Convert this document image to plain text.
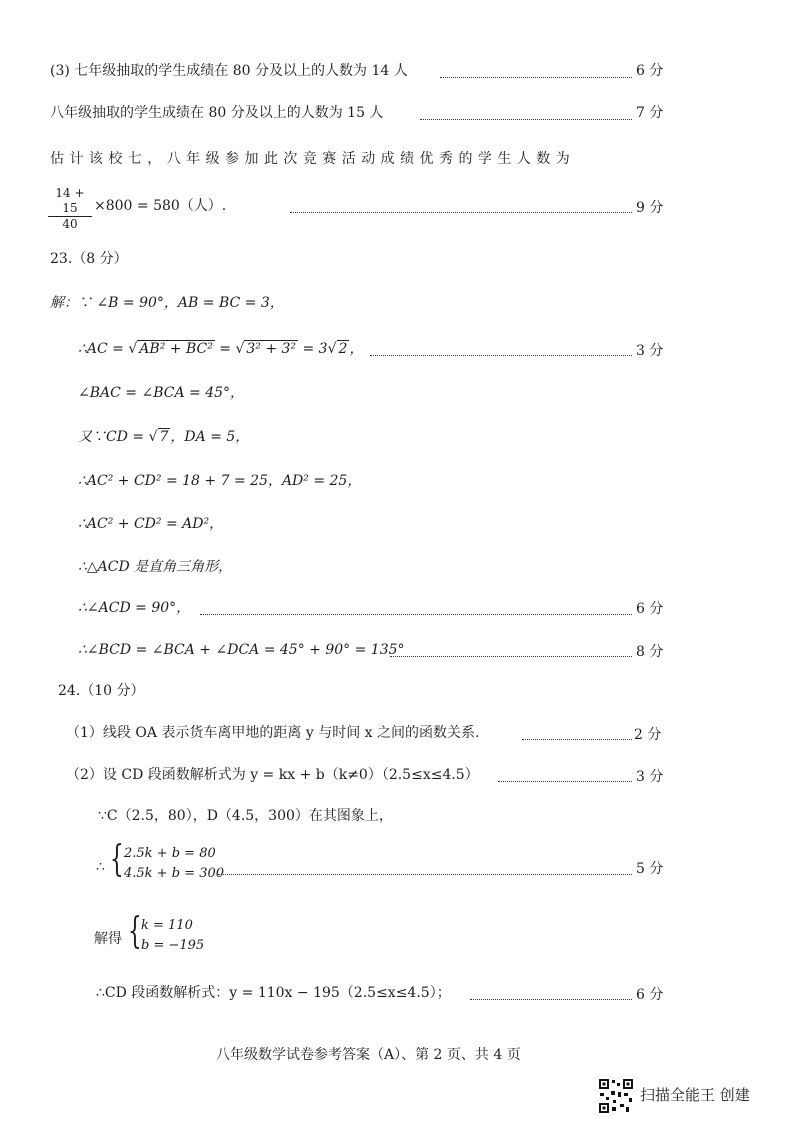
(3) 七年级抽取的学生成绩在 80 分及以上的人数为 14 人	6 分
八年级抽取的学生成绩在 80 分及以上的人数为 15 人	7 分
估 计 该 校 七 ， 八 年 级 参 加 此 次 竞 赛 活 动 成 绩 优 秀 的 学 生 人 数 为
$\frac{14 + 15}{40} \times 800 = 580$（人）.	9 分
23.（8 分）
解：∵ ∠B = 90°，AB = BC = 3，
∴AC = √ AB² + BC² = √ 3² + 3² = 3√ 2 ，	3 分
∠BAC = ∠BCA = 45°，
又∵CD = √ 7 ，DA = 5，
∴AC² + CD² = 18 + 7 = 25，AD² = 25，
∴AC² + CD² = AD²，
∴△ACD 是直角三角形，
∴∠ACD = 90°，	6 分
∴∠BCD = ∠BCA + ∠DCA = 45° + 90° = 135°	8 分
24.（10 分）
（1）线段 OA 表示货车离甲地的距离 y 与时间 x 之间的函数关系.	2 分
（2）设 CD 段函数解析式为 y = kx + b（k≠0）（2.5≤x≤4.5）	3 分
∵C（2.5，80），D（4.5，300）在其图象上，
∴ { 2.5k + b = 80
4.5k + b = 300	5 分
解得 { k = 110
b = −195
∴CD 段函数解析式：y = 110x − 195（2.5≤x≤4.5）；	6 分
八年级数学试卷参考答案（A）、第 2 页、共 4 页
扫描全能王 创建
